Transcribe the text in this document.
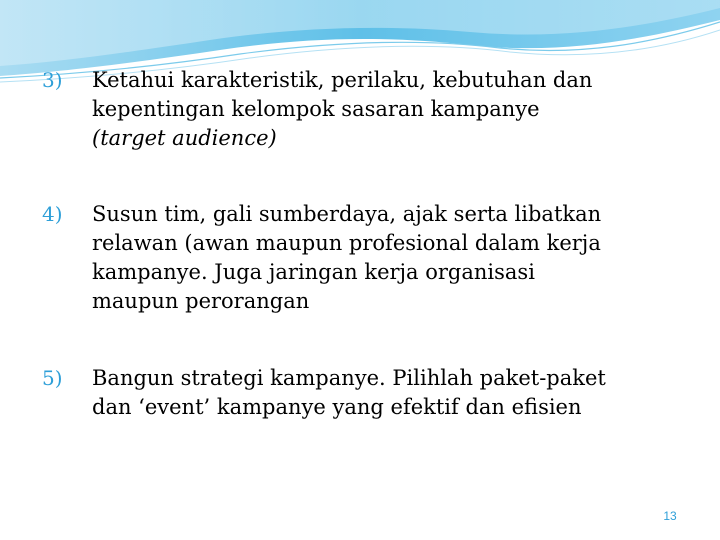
3)	Ketahui karakteristik, perilaku, kebutuhan dan
kepentingan kelompok sasaran kampanye
(target audience)
4)	Susun tim, gali sumberdaya, ajak serta libatkan
relawan (awan maupun profesional dalam kerja
kampanye. Juga jaringan kerja organisasi
maupun perorangan
5)	Bangun strategi kampanye. Pilihlah paket-paket
dan ‘event’ kampanye yang efektif dan efisien
13
